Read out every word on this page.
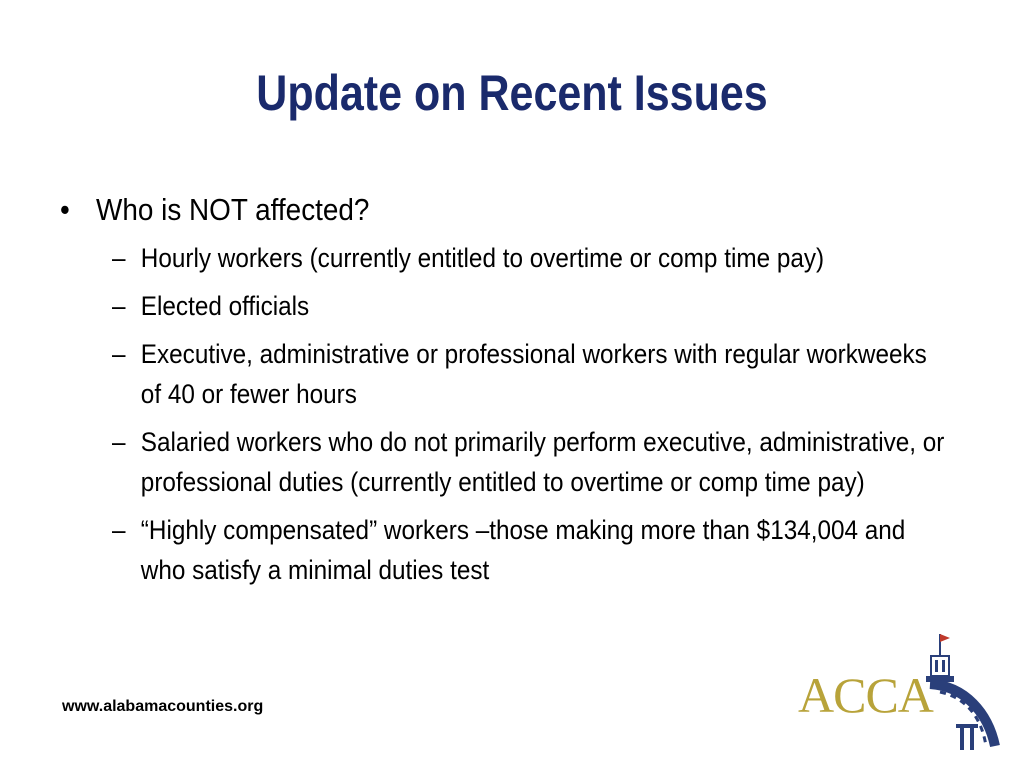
Update on Recent Issues
• Who is NOT affected?
– Hourly workers (currently entitled to overtime or comp time pay)
– Elected officials
– Executive, administrative or professional workers with regular workweeks of 40 or fewer hours
– Salaried workers who do not primarily perform executive, administrative, or professional duties (currently entitled to overtime or comp time pay)
– “Highly compensated” workers –those making more than $134,004 and who satisfy a minimal duties test
www.alabamacounties.org	ACCA
